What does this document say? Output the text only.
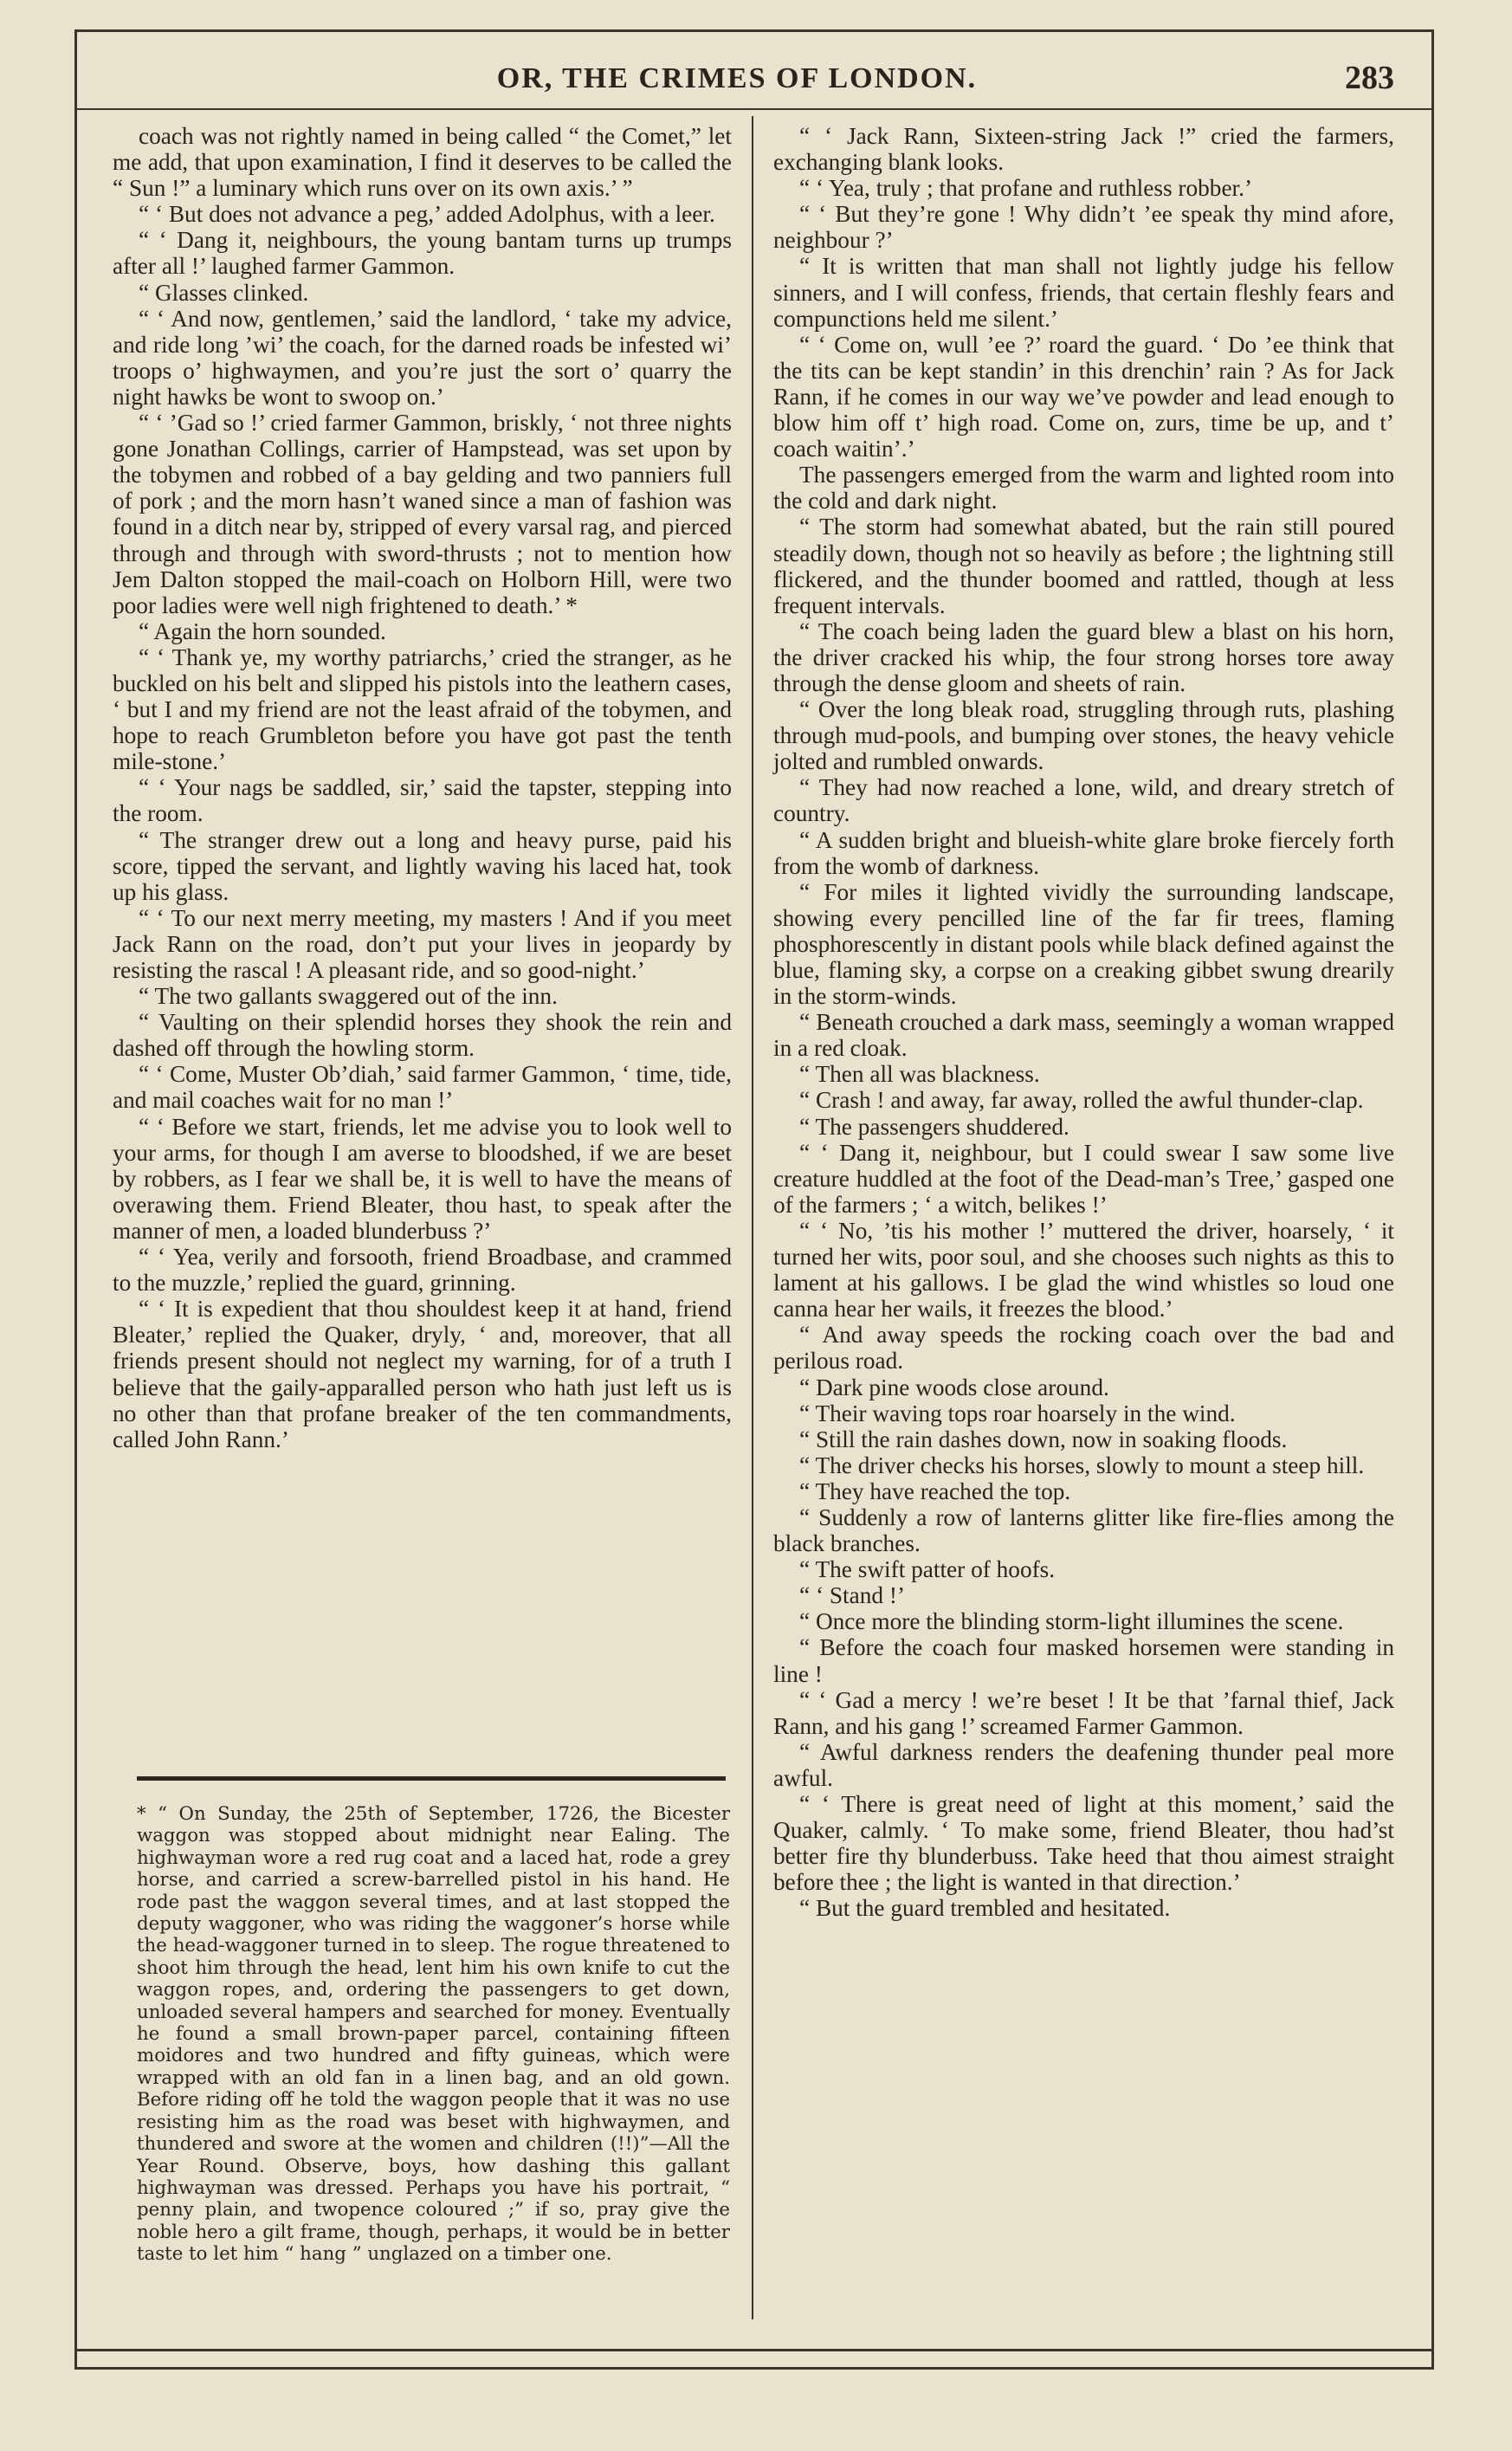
OR, THE CRIMES OF LONDON.	283

coach was not rightly named in being called “ the Comet,” let me add, that upon examination, I find it deserves to be called the “ Sun !” a luminary which runs over on its own axis.’ ”

“ ‘ But does not advance a peg,’ added Adolphus, with a leer.

“ ‘ Dang it, neighbours, the young bantam turns up trumps after all !’ laughed farmer Gammon.

“ Glasses clinked.

“ ‘ And now, gentlemen,’ said the landlord, ‘ take my advice, and ride long ’wi’ the coach, for the darned roads be infested wi’ troops o’ highwaymen, and you’re just the sort o’ quarry the night hawks be wont to swoop on.’

“ ‘ ’Gad so !’ cried farmer Gammon, briskly, ‘ not three nights gone Jonathan Collings, carrier of Hampstead, was set upon by the tobymen and robbed of a bay gelding and two panniers full of pork ; and the morn hasn’t waned since a man of fashion was found in a ditch near by, stripped of every varsal rag, and pierced through and through with sword-thrusts ; not to mention how Jem Dalton stopped the mail-coach on Holborn Hill, were two poor ladies were well nigh frightened to death.’ *

“ Again the horn sounded.

“ ‘ Thank ye, my worthy patriarchs,’ cried the stranger, as he buckled on his belt and slipped his pistols into the leathern cases, ‘ but I and my friend are not the least afraid of the tobymen, and hope to reach Grumbleton before you have got past the tenth mile-stone.’

“ ‘ Your nags be saddled, sir,’ said the tapster, stepping into the room.

“ The stranger drew out a long and heavy purse, paid his score, tipped the servant, and lightly waving his laced hat, took up his glass.

“ ‘ To our next merry meeting, my masters ! And if you meet Jack Rann on the road, don’t put your lives in jeopardy by resisting the rascal ! A pleasant ride, and so good-night.’

“ The two gallants swaggered out of the inn.

“ Vaulting on their splendid horses they shook the rein and dashed off through the howling storm.

“ ‘ Come, Muster Ob’diah,’ said farmer Gammon, ‘ time, tide, and mail coaches wait for no man !’

“ ‘ Before we start, friends, let me advise you to look well to your arms, for though I am averse to bloodshed, if we are beset by robbers, as I fear we shall be, it is well to have the means of overawing them. Friend Bleater, thou hast, to speak after the manner of men, a loaded blunderbuss ?’

“ ‘ Yea, verily and forsooth, friend Broadbase, and crammed to the muzzle,’ replied the guard, grinning.

“ ‘ It is expedient that thou shouldest keep it at hand, friend Bleater,’ replied the Quaker, dryly, ‘ and, moreover, that all friends present should not neglect my warning, for of a truth I believe that the gaily-apparalled person who hath just left us is no other than that profane breaker of the ten commandments, called John Rann.’

“ ‘ Jack Rann, Sixteen-string Jack !” cried the farmers, exchanging blank looks.

“ ‘ Yea, truly ; that profane and ruthless robber.’

“ ‘ But they’re gone ! Why didn’t ’ee speak thy mind afore, neighbour ?’

“ It is written that man shall not lightly judge his fellow sinners, and I will confess, friends, that certain fleshly fears and compunctions held me silent.’

“ ‘ Come on, wull ’ee ?’ roard the guard. ‘ Do ’ee think that the tits can be kept standin’ in this drenchin’ rain ? As for Jack Rann, if he comes in our way we’ve powder and lead enough to blow him off t’ high road. Come on, zurs, time be up, and t’ coach waitin’.’

The passengers emerged from the warm and lighted room into the cold and dark night.

“ The storm had somewhat abated, but the rain still poured steadily down, though not so heavily as before ; the lightning still flickered, and the thunder boomed and rattled, though at less frequent intervals.

“ The coach being laden the guard blew a blast on his horn, the driver cracked his whip, the four strong horses tore away through the dense gloom and sheets of rain.

“ Over the long bleak road, struggling through ruts, plashing through mud-pools, and bumping over stones, the heavy vehicle jolted and rumbled onwards.

“ They had now reached a lone, wild, and dreary stretch of country.

“ A sudden bright and blueish-white glare broke fiercely forth from the womb of darkness.

“ For miles it lighted vividly the surrounding landscape, showing every pencilled line of the far fir trees, flaming phosphorescently in distant pools while black defined against the blue, flaming sky, a corpse on a creaking gibbet swung drearily in the storm-winds.

“ Beneath crouched a dark mass, seemingly a woman wrapped in a red cloak.

“ Then all was blackness.

“ Crash ! and away, far away, rolled the awful thunder-clap.

“ The passengers shuddered.

“ ‘ Dang it, neighbour, but I could swear I saw some live creature huddled at the foot of the Dead-man’s Tree,’ gasped one of the farmers ; ‘ a witch, belikes !’

“ ‘ No, ’tis his mother !’ muttered the driver, hoarsely, ‘ it turned her wits, poor soul, and she chooses such nights as this to lament at his gallows. I be glad the wind whistles so loud one canna hear her wails, it freezes the blood.’

“ And away speeds the rocking coach over the bad and perilous road.

“ Dark pine woods close around.

“ Their waving tops roar hoarsely in the wind.

“ Still the rain dashes down, now in soaking floods.

“ The driver checks his horses, slowly to mount a steep hill.

“ They have reached the top.

“ Suddenly a row of lanterns glitter like fire-flies among the black branches.

“ The swift patter of hoofs.

“ ‘ Stand !’

“ Once more the blinding storm-light illumines the scene.

“ Before the coach four masked horsemen were standing in line !

“ ‘ Gad a mercy ! we’re beset ! It be that ’farnal thief, Jack Rann, and his gang !’ screamed Farmer Gammon.

“ Awful darkness renders the deafening thunder peal more awful.

“ ‘ There is great need of light at this moment,’ said the Quaker, calmly. ‘ To make some, friend Bleater, thou had’st better fire thy blunderbuss. Take heed that thou aimest straight before thee ; the light is wanted in that direction.’

“ But the guard trembled and hesitated.

* “ On Sunday, the 25th of September, 1726, the Bicester waggon was stopped about midnight near Ealing. The highwayman wore a red rug coat and a laced hat, rode a grey horse, and carried a screw-barrelled pistol in his hand. He rode past the waggon several times, and at last stopped the deputy waggoner, who was riding the waggoner’s horse while the head-waggoner turned in to sleep. The rogue threatened to shoot him through the head, lent him his own knife to cut the waggon ropes, and, ordering the passengers to get down, unloaded several hampers and searched for money. Eventually he found a small brown-paper parcel, containing fifteen moidores and two hundred and fifty guineas, which were wrapped with an old fan in a linen bag, and an old gown. Before riding off he told the waggon people that it was no use resisting him as the road was beset with highwaymen, and thundered and swore at the women and children (!!)”—All the Year Round. Observe, boys, how dashing this gallant highwayman was dressed. Perhaps you have his portrait, “ penny plain, and twopence coloured ;” if so, pray give the noble hero a gilt frame, though, perhaps, it would be in better taste to let him “ hang ” unglazed on a timber one.
